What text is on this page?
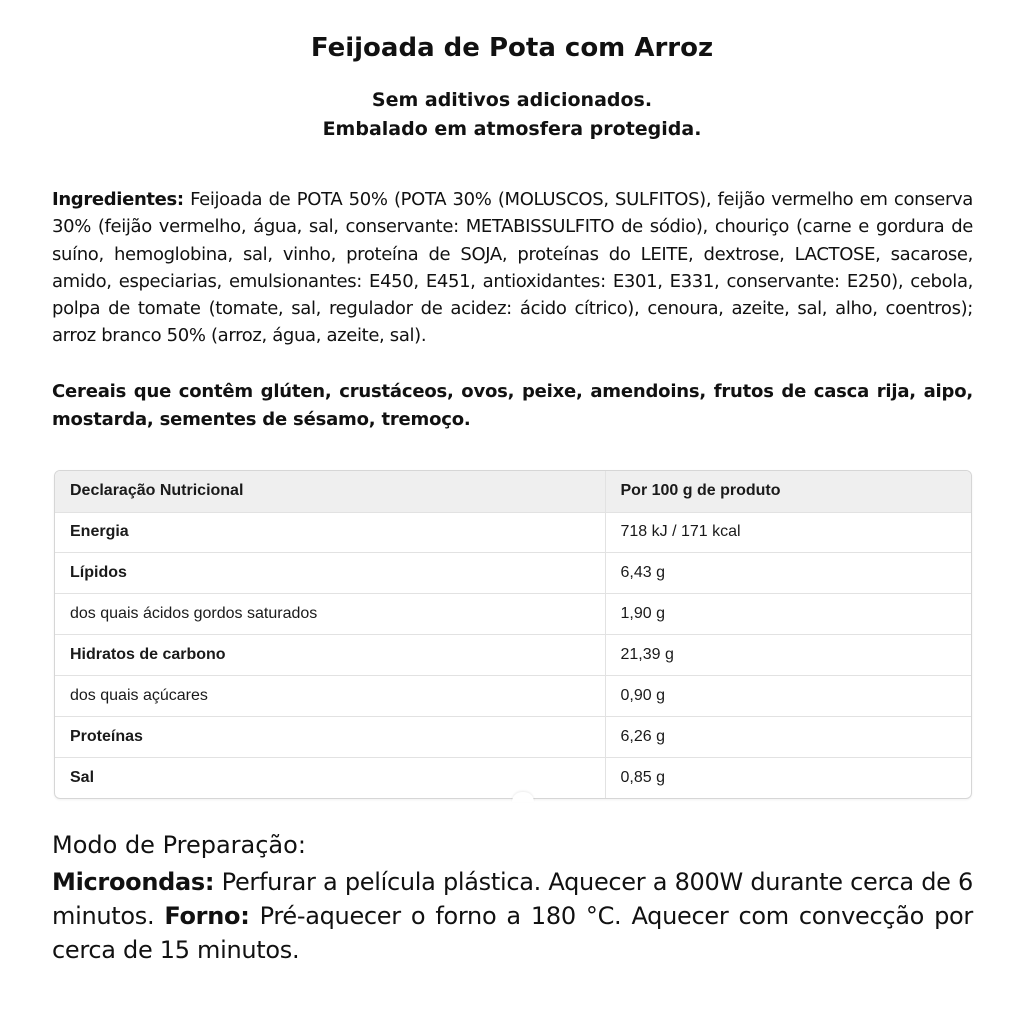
Feijoada de Pota com Arroz
Sem aditivos adicionados.
Embalado em atmosfera protegida.

Ingredientes: Feijoada de POTA 50% (POTA 30% (MOLUSCOS, SULFITOS), feijão vermelho em conserva 30% (feijão vermelho, água, sal, conservante: METABISSULFITO de sódio), chouriço (carne e gordura de suíno, hemoglobina, sal, vinho, proteína de SOJA, proteínas do LEITE, dextrose, LACTOSE, sacarose, amido, especiarias, emulsionantes: E450, E451, antioxidantes: E301, E331, conservante: E250), cebola, polpa de tomate (tomate, sal, regulador de acidez: ácido cítrico), cenoura, azeite, sal, alho, coentros); arroz branco 50% (arroz, água, azeite, sal).

Cereais que contêm glúten, crustáceos, ovos, peixe, amendoins, frutos de casca rija, aipo, mostarda, sementes de sésamo, tremoço.

Declaração Nutricional	Por 100 g de produto
Energia	718 kJ / 171 kcal
Lípidos	6,43 g
dos quais ácidos gordos saturados	1,90 g
Hidratos de carbono	21,39 g
dos quais açúcares	0,90 g
Proteínas	6,26 g
Sal	0,85 g
Modo de Preparação:

Microondas: Perfurar a película plástica. Aquecer a 800W durante cerca de 6 minutos. Forno: Pré-aquecer o forno a 180 °C. Aquecer com convecção por cerca de 15 minutos.
